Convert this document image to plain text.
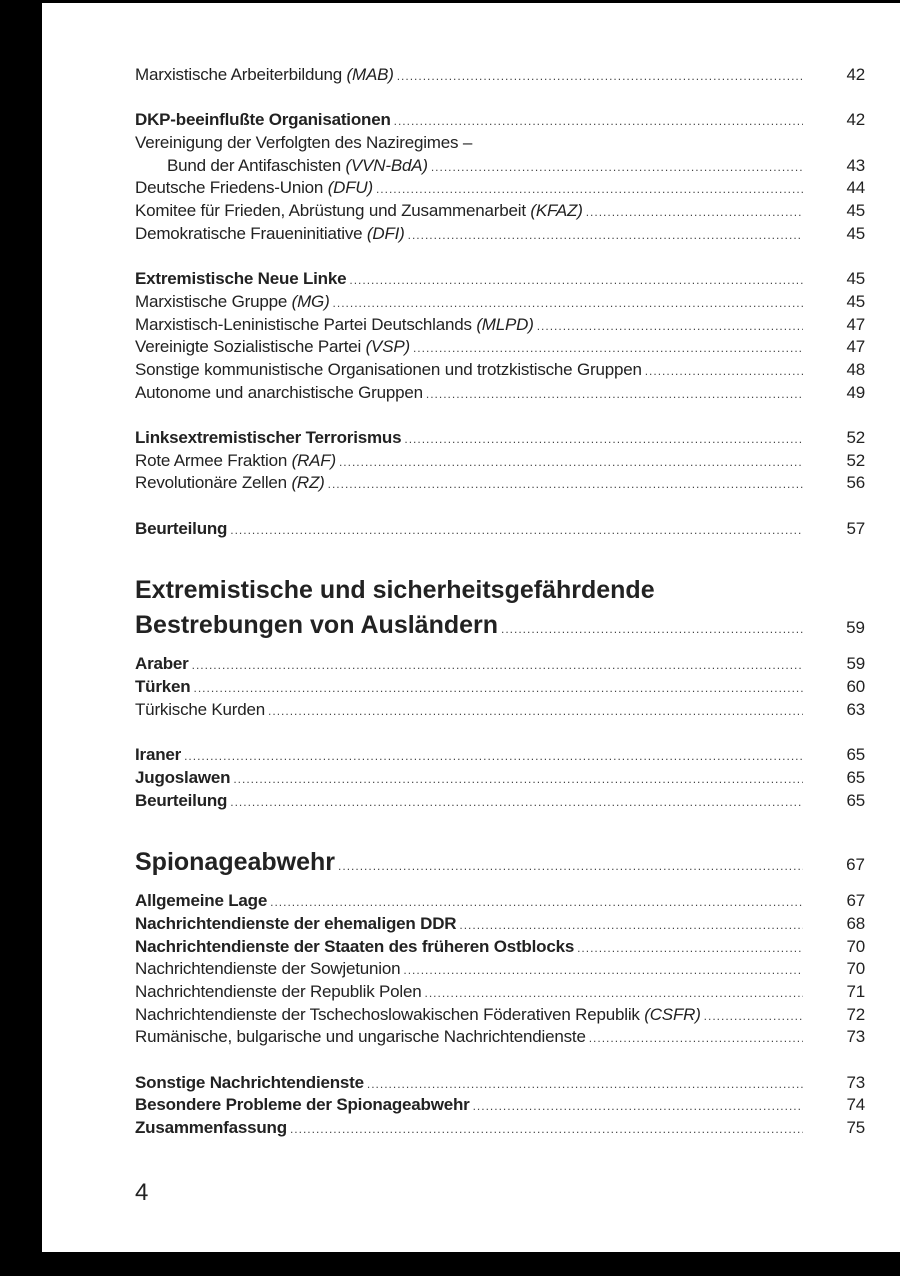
Marxistische Arbeiterbildung (MAB) .....	42
DKP-beeinflußte Organisationen .....	42
Vereinigung der Verfolgten des Naziregimes –
Bund der Antifaschisten (VVN-BdA) .....	43
Deutsche Friedens-Union (DFU) .....	44
Komitee für Frieden, Abrüstung und Zusammenarbeit (KFAZ) .....	45
Demokratische Fraueninitiative (DFI) .....	45
Extremistische Neue Linke .....	45
Marxistische Gruppe (MG) .....	45
Marxistisch-Leninistische Partei Deutschlands (MLPD) .....	47
Vereinigte Sozialistische Partei (VSP) .....	47
Sonstige kommunistische Organisationen und trotzkistische Gruppen .....	48
Autonome und anarchistische Gruppen .....	49
Linksextremistischer Terrorismus .....	52
Rote Armee Fraktion (RAF) .....	52
Revolutionäre Zellen (RZ) .....	56
Beurteilung .....	57
Extremistische und sicherheitsgefährdende
Bestrebungen von Ausländern .....	59
Araber .....	59
Türken .....	60
Türkische Kurden .....	63
Iraner .....	65
Jugoslawen .....	65
Beurteilung .....	65
Spionageabwehr .....	67
Allgemeine Lage .....	67
Nachrichtendienste der ehemaligen DDR .....	68
Nachrichtendienste der Staaten des früheren Ostblocks .....	70
Nachrichtendienste der Sowjetunion .....	70
Nachrichtendienste der Republik Polen .....	71
Nachrichtendienste der Tschechoslowakischen Föderativen Republik (CSFR) .....	72
Rumänische, bulgarische und ungarische Nachrichtendienste .....	73
Sonstige Nachrichtendienste .....	73
Besondere Probleme der Spionageabwehr .....	74
Zusammenfassung .....	75
4
